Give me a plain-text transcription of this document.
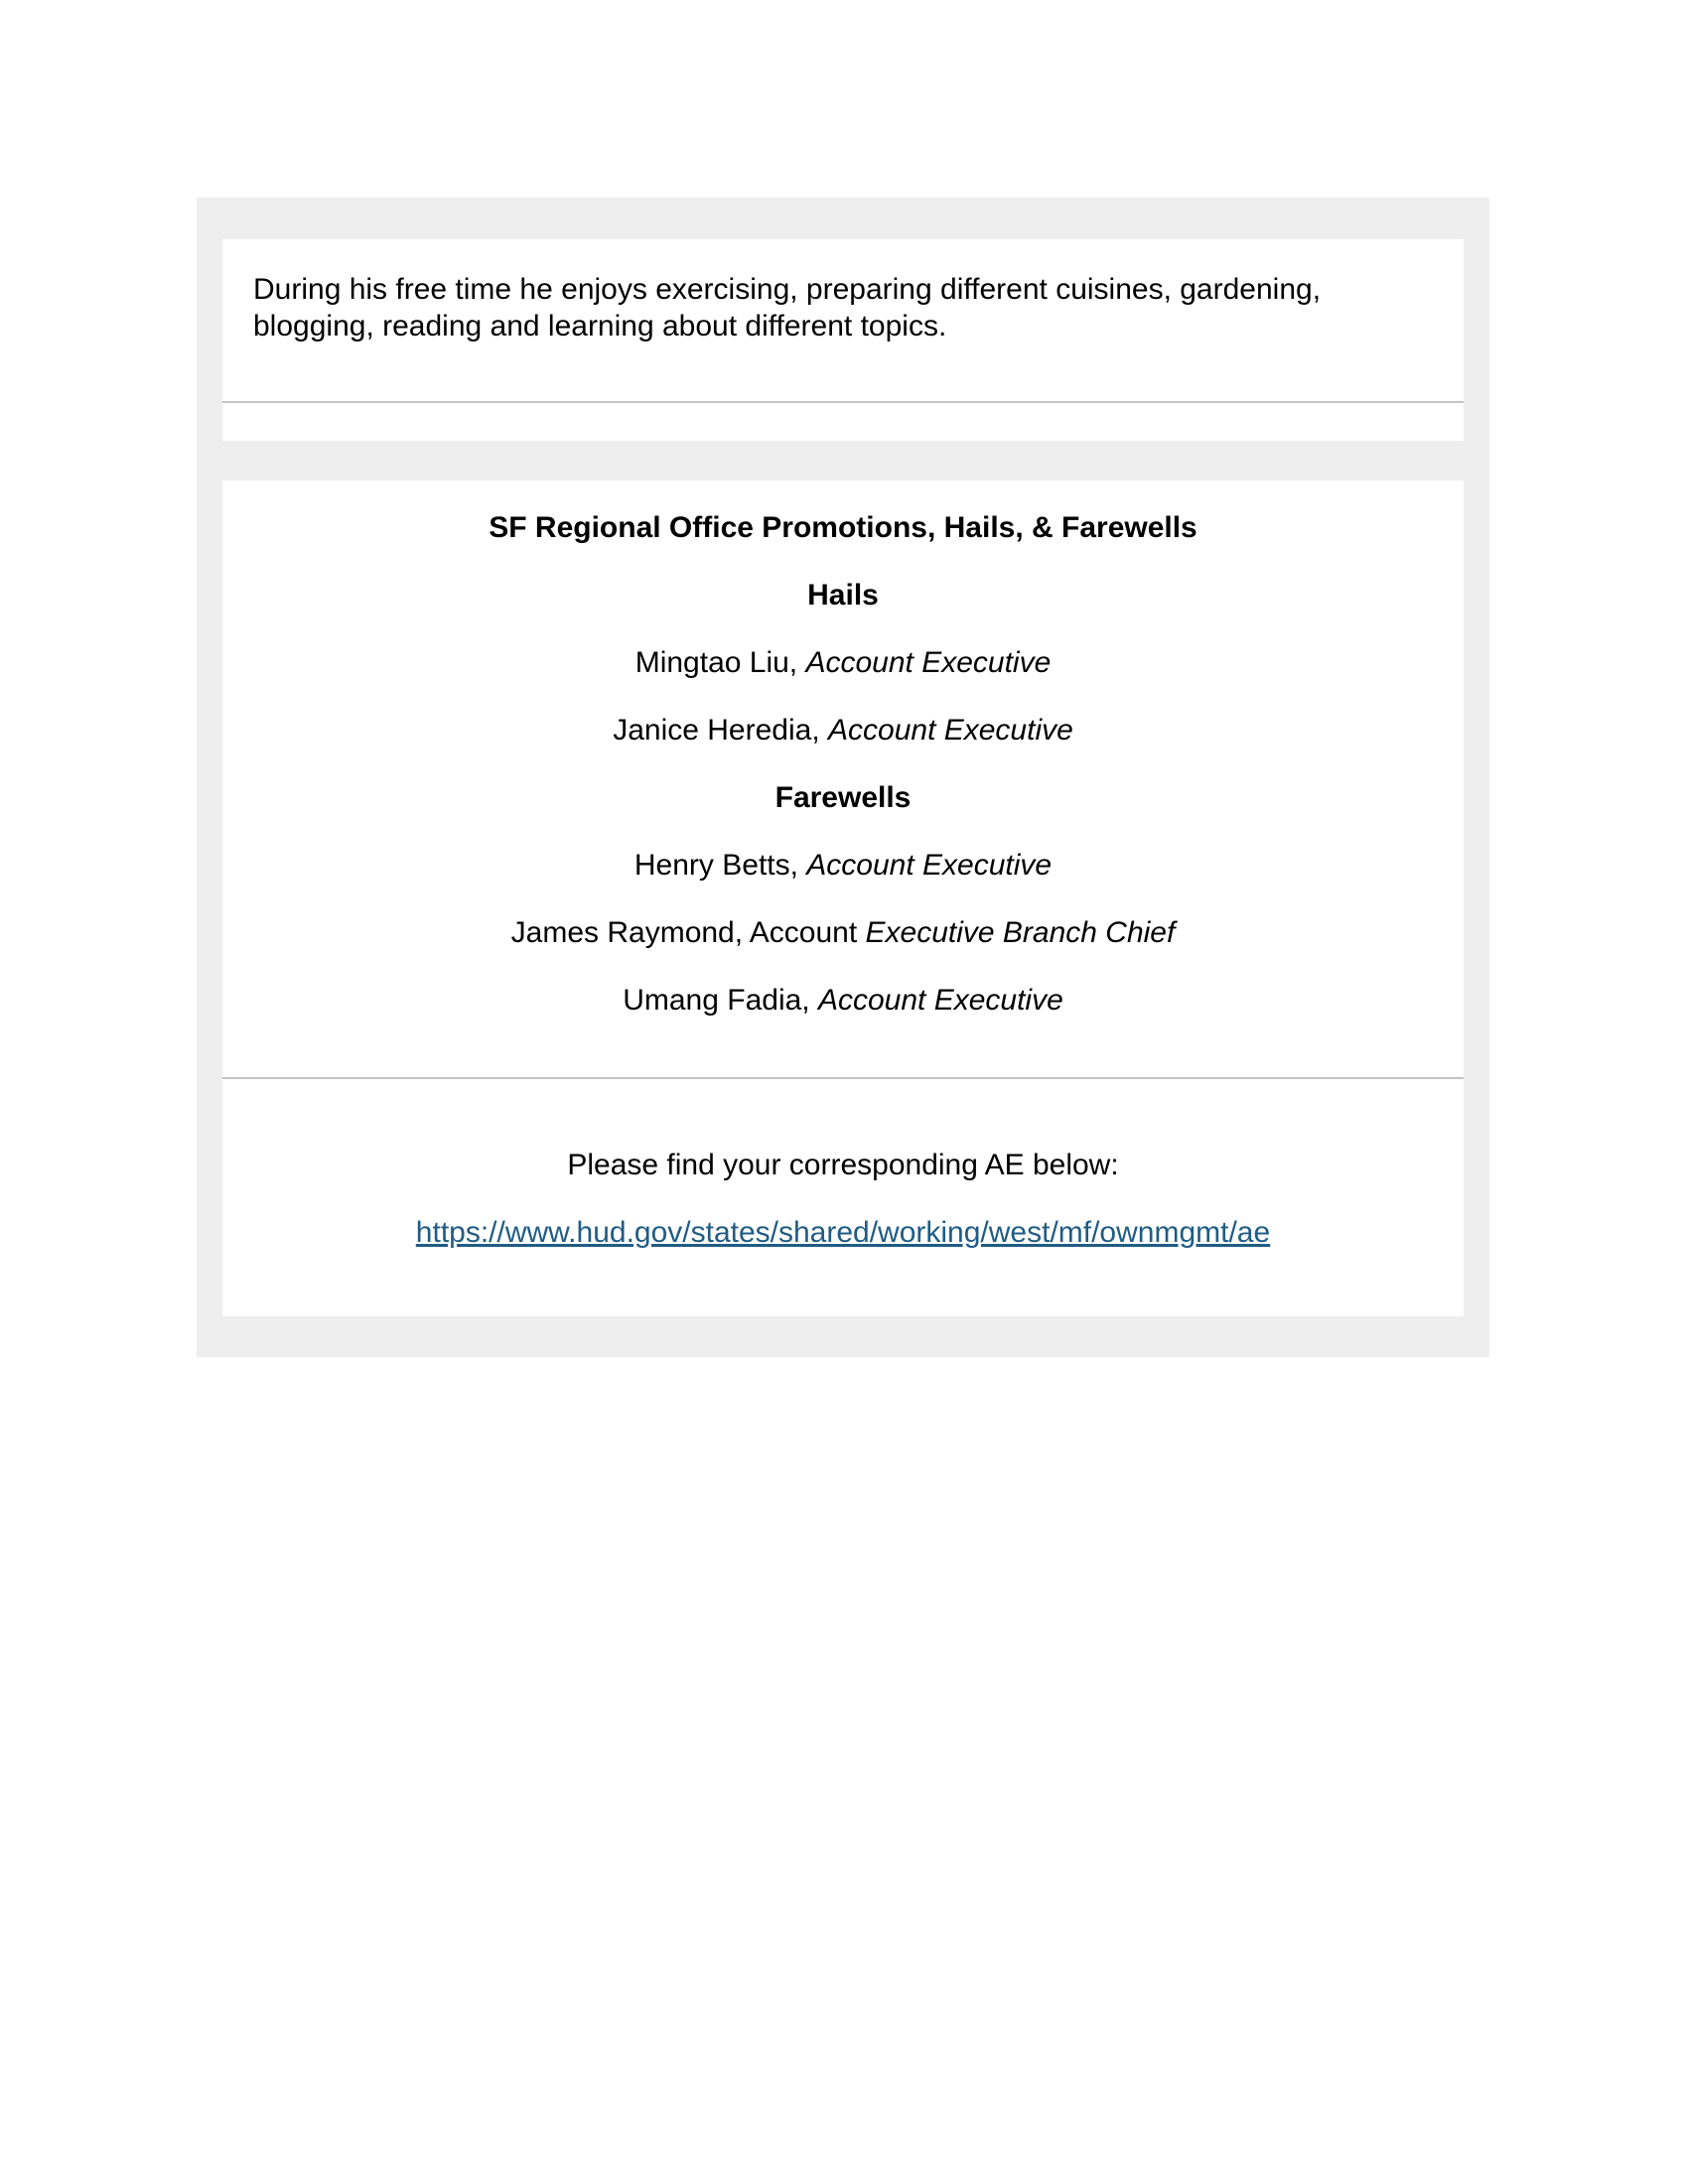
During his free time he enjoys exercising, preparing different cuisines, gardening, blogging, reading and learning about different topics.

SF Regional Office Promotions, Hails, & Farewells
Hails
Mingtao Liu, Account Executive
Janice Heredia, Account Executive
Farewells
Henry Betts, Account Executive
James Raymond, Account Executive Branch Chief
Umang Fadia, Account Executive
Please find your corresponding AE below:
https://www.hud.gov/states/shared/working/west/mf/ownmgmt/ae
